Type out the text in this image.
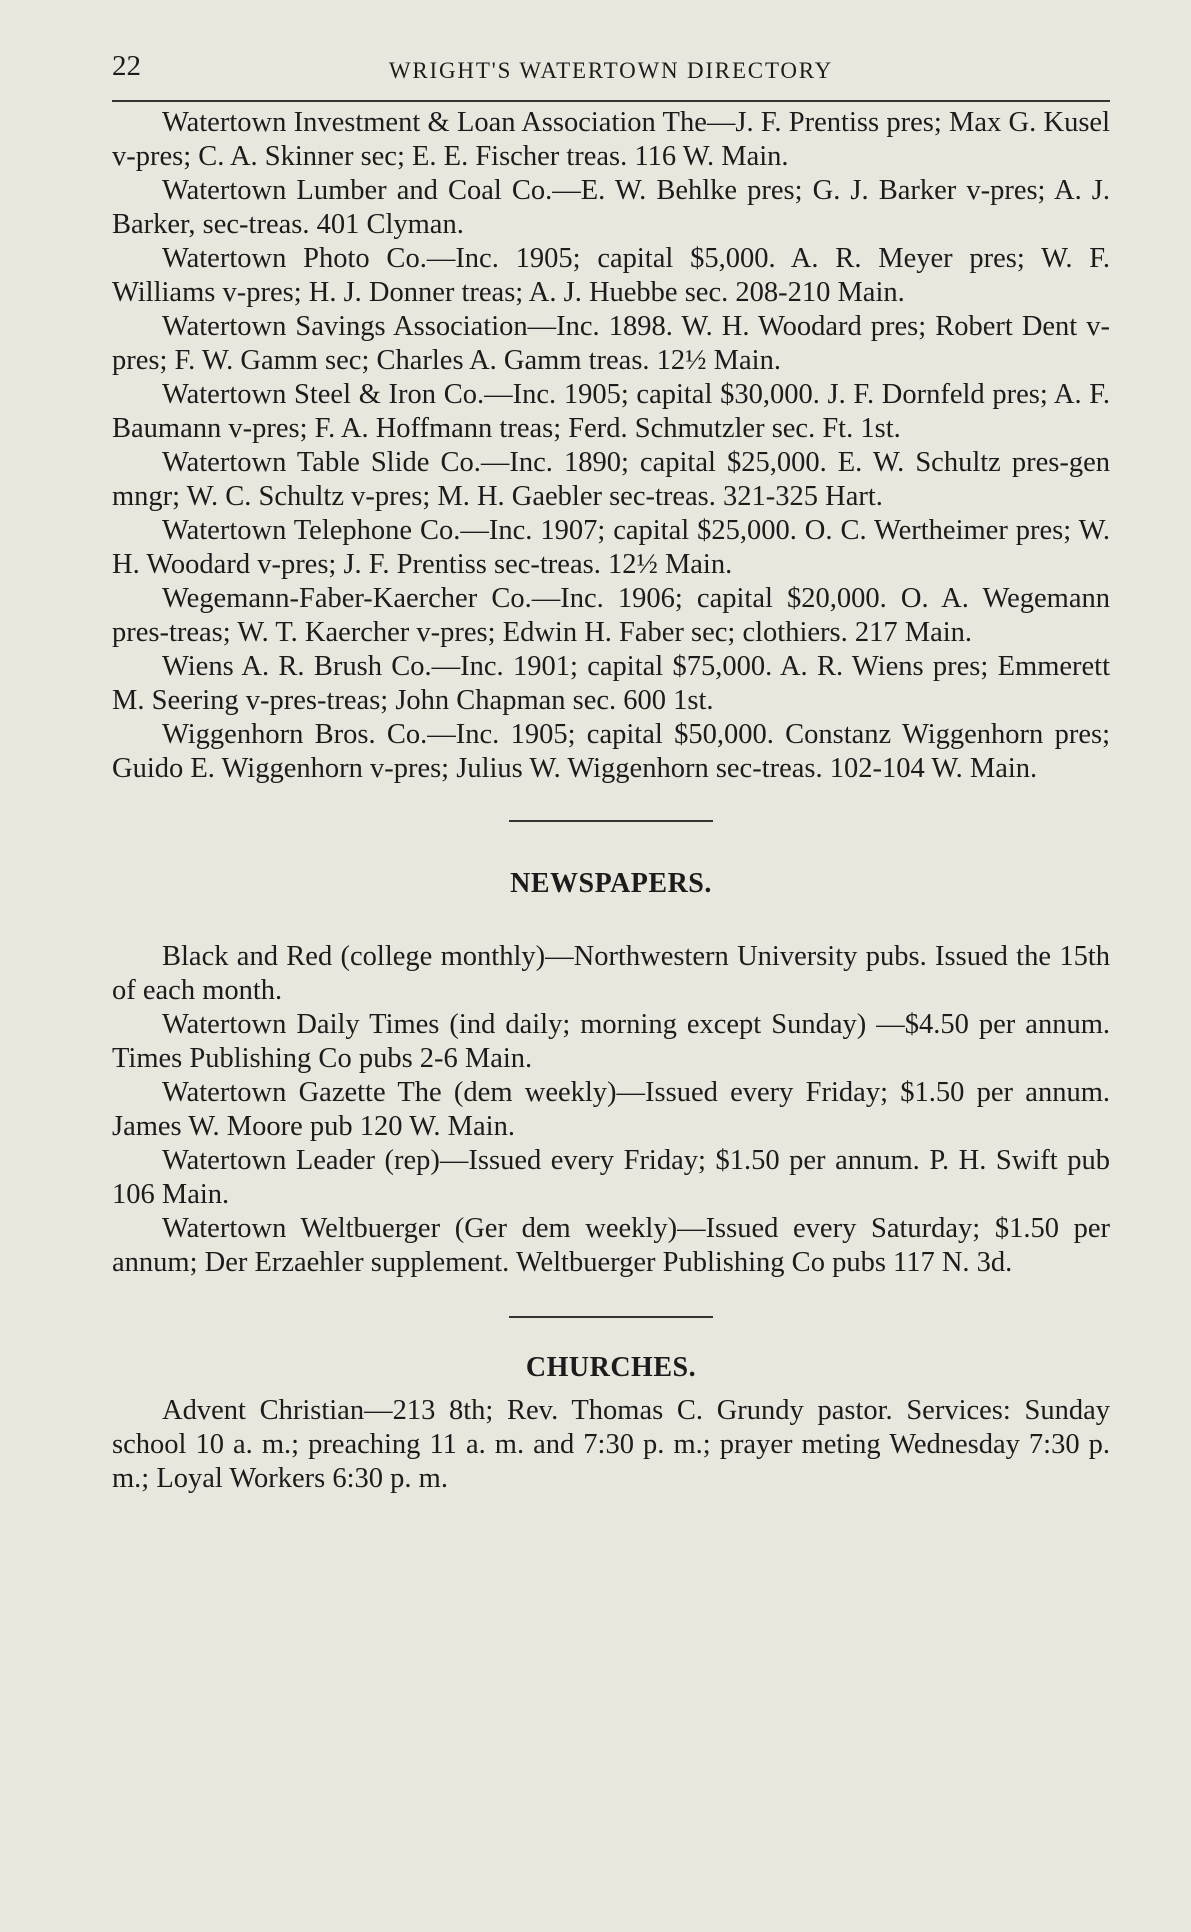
22	WRIGHT'S WATERTOWN DIRECTORY

Watertown Investment & Loan Association The—J. F. Prentiss pres; Max G. Kusel v-pres; C. A. Skinner sec; E. E. Fischer treas. 116 W. Main.

Watertown Lumber and Coal Co.—E. W. Behlke pres; G. J. Barker v-pres; A. J. Barker, sec-treas. 401 Clyman.

Watertown Photo Co.—Inc. 1905; capital $5,000. A. R. Meyer pres; W. F. Williams v-pres; H. J. Donner treas; A. J. Huebbe sec. 208-210 Main.

Watertown Savings Association—Inc. 1898. W. H. Woodard pres; Robert Dent v-pres; F. W. Gamm sec; Charles A. Gamm treas. 12½ Main.

Watertown Steel & Iron Co.—Inc. 1905; capital $30,000. J. F. Dornfeld pres; A. F. Baumann v-pres; F. A. Hoffmann treas; Ferd. Schmutzler sec. Ft. 1st.

Watertown Table Slide Co.—Inc. 1890; capital $25,000. E. W. Schultz pres-gen mngr; W. C. Schultz v-pres; M. H. Gaebler sec-treas. 321-325 Hart.

Watertown Telephone Co.—Inc. 1907; capital $25,000. O. C. Wertheimer pres; W. H. Woodard v-pres; J. F. Prentiss sec-treas. 12½ Main.

Wegemann-Faber-Kaercher Co.—Inc. 1906; capital $20,000. O. A. Wegemann pres-treas; W. T. Kaercher v-pres; Edwin H. Faber sec; clothiers. 217 Main.

Wiens A. R. Brush Co.—Inc. 1901; capital $75,000. A. R. Wiens pres; Emmerett M. Seering v-pres-treas; John Chapman sec. 600 1st.

Wiggenhorn Bros. Co.—Inc. 1905; capital $50,000. Constanz Wiggenhorn pres; Guido E. Wiggenhorn v-pres; Julius W. Wiggenhorn sec-treas. 102-104 W. Main.

NEWSPAPERS.

Black and Red (college monthly)—Northwestern University pubs. Issued the 15th of each month.

Watertown Daily Times (ind daily; morning except Sunday) —$4.50 per annum. Times Publishing Co pubs 2-6 Main.

Watertown Gazette The (dem weekly)—Issued every Friday; $1.50 per annum. James W. Moore pub 120 W. Main.

Watertown Leader (rep)—Issued every Friday; $1.50 per annum. P. H. Swift pub 106 Main.

Watertown Weltbuerger (Ger dem weekly)—Issued every Saturday; $1.50 per annum; Der Erzaehler supplement. Weltbuerger Publishing Co pubs 117 N. 3d.

CHURCHES.

Advent Christian—213 8th; Rev. Thomas C. Grundy pastor. Services: Sunday school 10 a. m.; preaching 11 a. m. and 7:30 p. m.; prayer meting Wednesday 7:30 p. m.; Loyal Workers 6:30 p. m.
